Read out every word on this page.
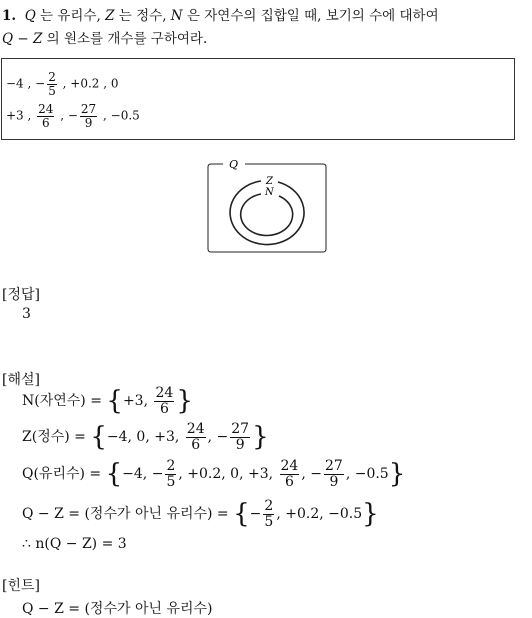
1. Q 는 유리수, Z 는 정수, N 은 자연수의 집합일 때, 보기의 수에 대하여
Q − Z 의 원소를 개수를 구하여라.
−4 , − $\frac{2}{5}$ , +0.2 , 0
+3 , $\frac{24}{6}$ , − $\frac{27}{9}$ , −0.5
Q
Z
N
[정답]
3
[해설]
N(자연수) = {+3, $\frac{24}{6}$ }
Z(정수) = {−4, 0, +3, $\frac{24}{6}$ , − $\frac{27}{9}$ }
Q(유리수) = {−4, − $\frac{2}{5}$ , +0.2, 0, +3, $\frac{24}{6}$ , − $\frac{27}{9}$ , −0.5}
Q − Z = (정수가 아닌 유리수) = {− $\frac{2}{5}$ , +0.2, −0.5}
∴ n(Q − Z) = 3
[힌트]
Q − Z = (정수가 아닌 유리수)
